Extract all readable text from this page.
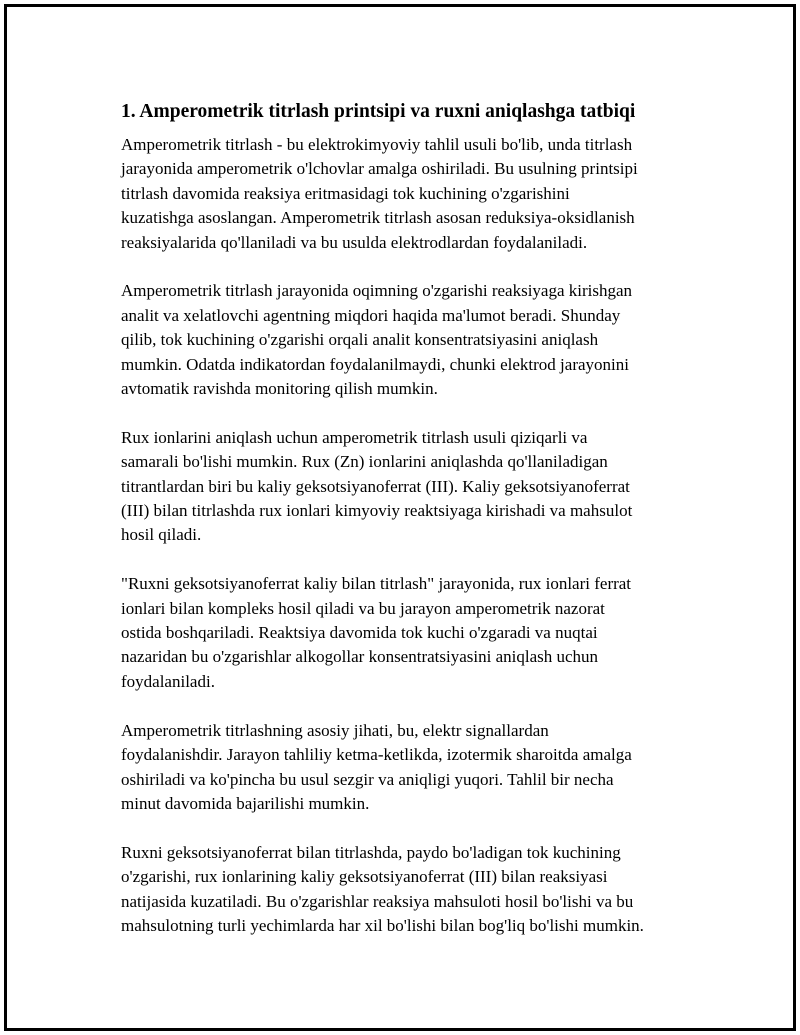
1. Amperometrik titrlash printsipi va ruxni aniqlashga tatbiqi

Amperometrik titrlash - bu elektrokimyoviy tahlil usuli bo'lib, unda titrlash
jarayonida amperometrik o'lchovlar amalga oshiriladi. Bu usulning printsipi
titrlash davomida reaksiya eritmasidagi tok kuchining o'zgarishini
kuzatishga asoslangan. Amperometrik titrlash asosan reduksiya-oksidlanish
reaksiyalarida qo'llaniladi va bu usulda elektrodlardan foydalaniladi.

Amperometrik titrlash jarayonida oqimning o'zgarishi reaksiyaga kirishgan
analit va xelatlovchi agentning miqdori haqida ma'lumot beradi. Shunday
qilib, tok kuchining o'zgarishi orqali analit konsentratsiyasini aniqlash
mumkin. Odatda indikatordan foydalanilmaydi, chunki elektrod jarayonini
avtomatik ravishda monitoring qilish mumkin.

Rux ionlarini aniqlash uchun amperometrik titrlash usuli qiziqarli va
samarali bo'lishi mumkin. Rux (Zn) ionlarini aniqlashda qo'llaniladigan
titrantlardan biri bu kaliy geksotsiyanoferrat (III). Kaliy geksotsiyanoferrat
(III) bilan titrlashda rux ionlari kimyoviy reaktsiyaga kirishadi va mahsulot
hosil qiladi.

"Ruxni geksotsiyanoferrat kaliy bilan titrlash" jarayonida, rux ionlari ferrat
ionlari bilan kompleks hosil qiladi va bu jarayon amperometrik nazorat
ostida boshqariladi. Reaktsiya davomida tok kuchi o'zgaradi va nuqtai
nazaridan bu o'zgarishlar alkogollar konsentratsiyasini aniqlash uchun
foydalaniladi.

Amperometrik titrlashning asosiy jihati, bu, elektr signallardan
foydalanishdir. Jarayon tahliliy ketma-ketlikda, izotermik sharoitda amalga
oshiriladi va ko'pincha bu usul sezgir va aniqligi yuqori. Tahlil bir necha
minut davomida bajarilishi mumkin.

Ruxni geksotsiyanoferrat bilan titrlashda, paydo bo'ladigan tok kuchining
o'zgarishi, rux ionlarining kaliy geksotsiyanoferrat (III) bilan reaksiyasi
natijasida kuzatiladi. Bu o'zgarishlar reaksiya mahsuloti hosil bo'lishi va bu
mahsulotning turli yechimlarda har xil bo'lishi bilan bog'liq bo'lishi mumkin.
